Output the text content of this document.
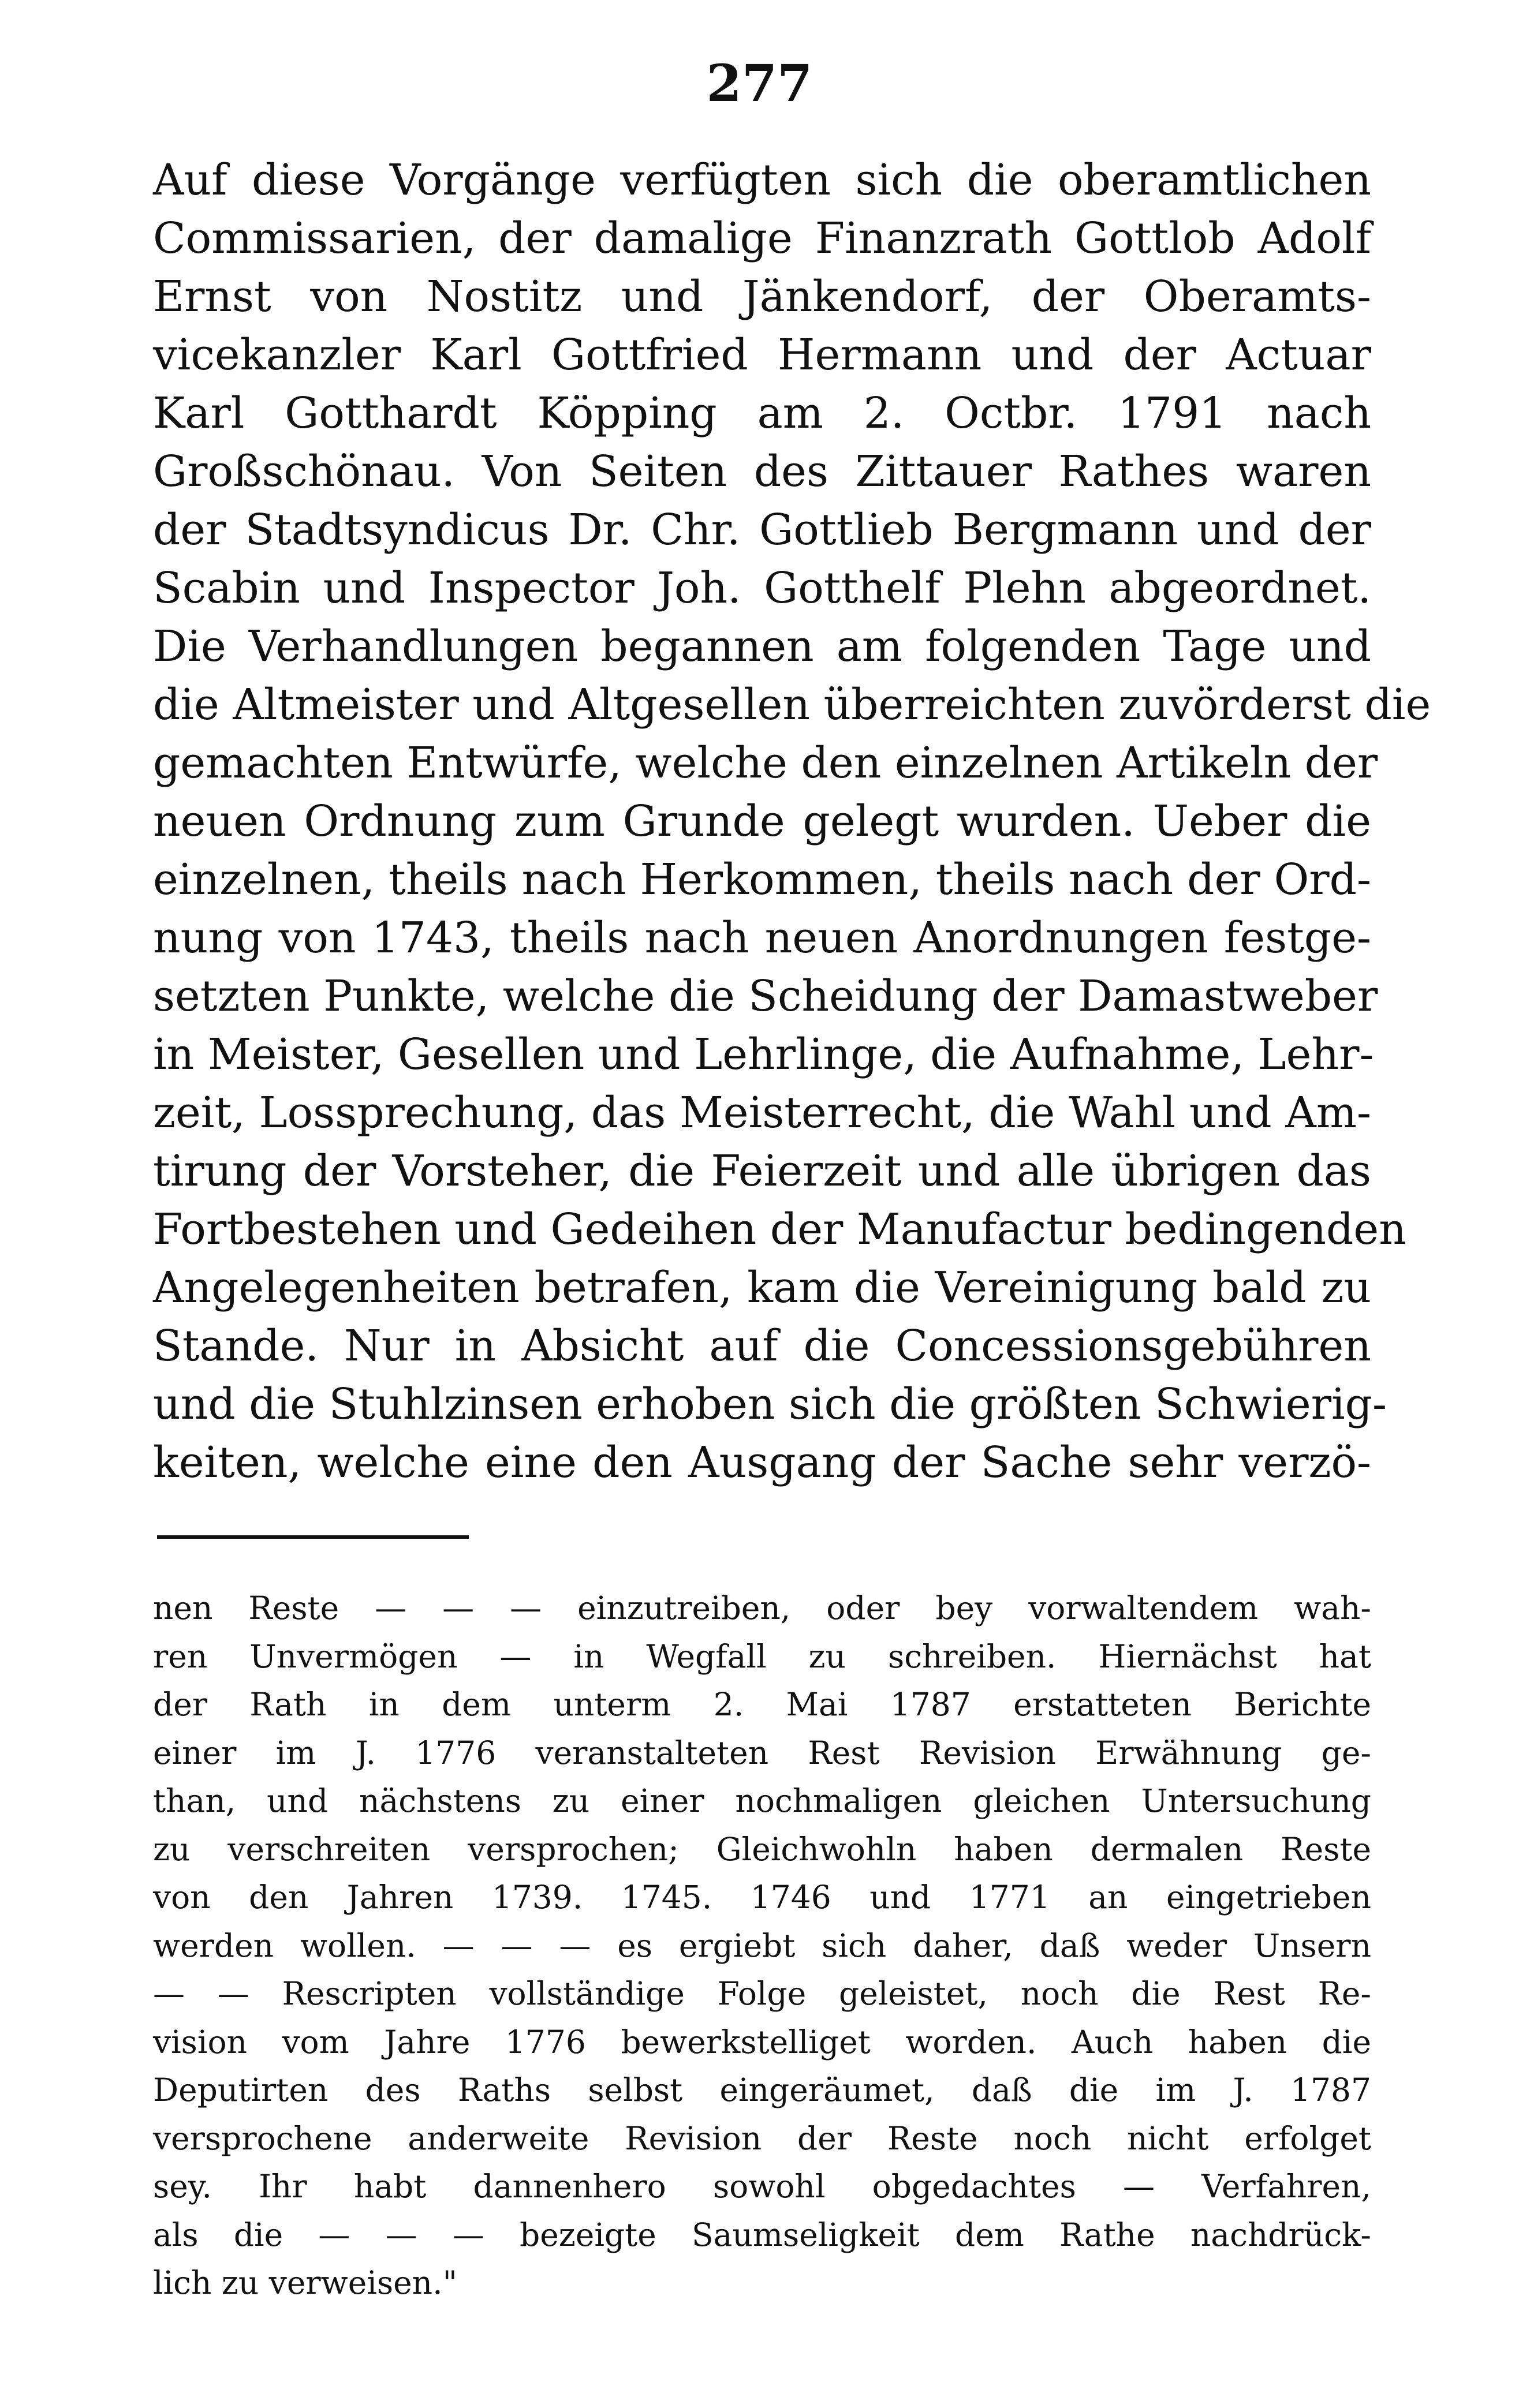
277
Auf diese Vorgänge verfügten sich die oberamtlichen
Commissarien, der damalige Finanzrath Gottlob Adolf
Ernst von Nostitz und Jänkendorf, der Oberamts-
vicekanzler Karl Gottfried Hermann und der Actuar
Karl Gotthardt Köpping am 2. Octbr. 1791 nach
Großschönau. Von Seiten des Zittauer Rathes waren
der Stadtsyndicus Dr. Chr. Gottlieb Bergmann und der
Scabin und Inspector Joh. Gotthelf Plehn abgeordnet.
Die Verhandlungen begannen am folgenden Tage und
die Altmeister und Altgesellen überreichten zuvörderst die
gemachten Entwürfe, welche den einzelnen Artikeln der
neuen Ordnung zum Grunde gelegt wurden. Ueber die
einzelnen, theils nach Herkommen, theils nach der Ord-
nung von 1743, theils nach neuen Anordnungen festge-
setzten Punkte, welche die Scheidung der Damastweber
in Meister, Gesellen und Lehrlinge, die Aufnahme, Lehr-
zeit, Lossprechung, das Meisterrecht, die Wahl und Am-
tirung der Vorsteher, die Feierzeit und alle übrigen das
Fortbestehen und Gedeihen der Manufactur bedingenden
Angelegenheiten betrafen, kam die Vereinigung bald zu
Stande. Nur in Absicht auf die Concessionsgebühren
und die Stuhlzinsen erhoben sich die größten Schwierig-
keiten, welche eine den Ausgang der Sache sehr verzö-
nen Reste — — — einzutreiben, oder bey vorwaltendem wah-
ren Unvermögen — in Wegfall zu schreiben. Hiernächst hat
der Rath in dem unterm 2. Mai 1787 erstatteten Berichte
einer im J. 1776 veranstalteten Rest Revision Erwähnung ge-
than, und nächstens zu einer nochmaligen gleichen Untersuchung
zu verschreiten versprochen; Gleichwohln haben dermalen Reste
von den Jahren 1739. 1745. 1746 und 1771 an eingetrieben
werden wollen. — — — es ergiebt sich daher, daß weder Unsern
— — Rescripten vollständige Folge geleistet, noch die Rest Re-
vision vom Jahre 1776 bewerkstelliget worden. Auch haben die
Deputirten des Raths selbst eingeräumet, daß die im J. 1787
versprochene anderweite Revision der Reste noch nicht erfolget
sey. Ihr habt dannenhero sowohl obgedachtes — Verfahren,
als die — — — bezeigte Saumseligkeit dem Rathe nachdrück-
lich zu verweisen."
